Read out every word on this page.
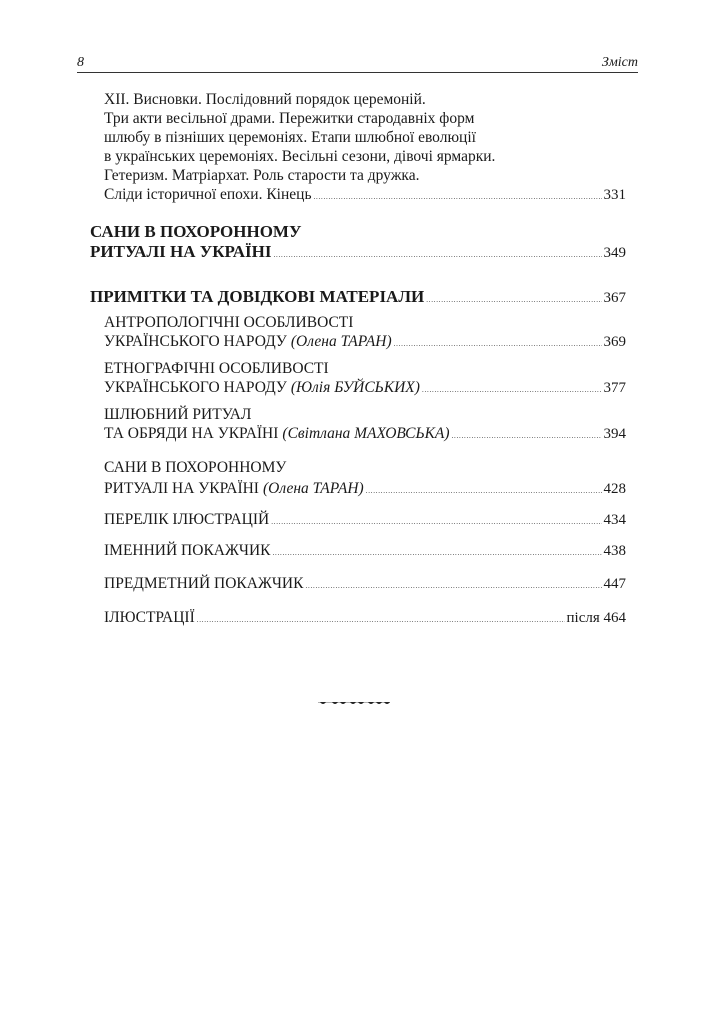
8	Зміст
XII. Висновки. Послідовний порядок церемоній.
Три акти весільної драми. Пережитки стародавніх форм
шлюбу в пізніших церемоніях. Етапи шлюбної еволюції
в українських церемоніях. Весільні сезони, дівочі ярмарки.
Гетеризм. Матріархат. Роль старости та дружка.
Сліди історичної епохи. Кінець . . .	331
САНИ В ПОХОРОННОМУ
РИТУАЛІ НА УКРАЇНІ . . .	349
ПРИМІТКИ ТА ДОВІДКОВІ МАТЕРІАЛИ . . .	367
АНТРОПОЛОГІЧНІ ОСОБЛИВОСТІ
УКРАЇНСЬКОГО НАРОДУ (Олена ТАРАН) . . .	369
ЕТНОГРАФІЧНІ ОСОБЛИВОСТІ
УКРАЇНСЬКОГО НАРОДУ (Юлія БУЙСЬКИХ) . . .	377
ШЛЮБНИЙ РИТУАЛ
ТА ОБРЯДИ НА УКРАЇНІ (Світлана МАХОВСЬКА) . . .	394
САНИ В ПОХОРОННОМУ
РИТУАЛІ НА УКРАЇНІ (Олена ТАРАН) . . .	428
ПЕРЕЛІК ІЛЮСТРАЦІЙ . . .	434
ІМЕННИЙ ПОКАЖЧИК . . .	438
ПРЕДМЕТНИЙ ПОКАЖЧИК . . .	447
ІЛЮСТРАЦІЇ . . .	після 464
